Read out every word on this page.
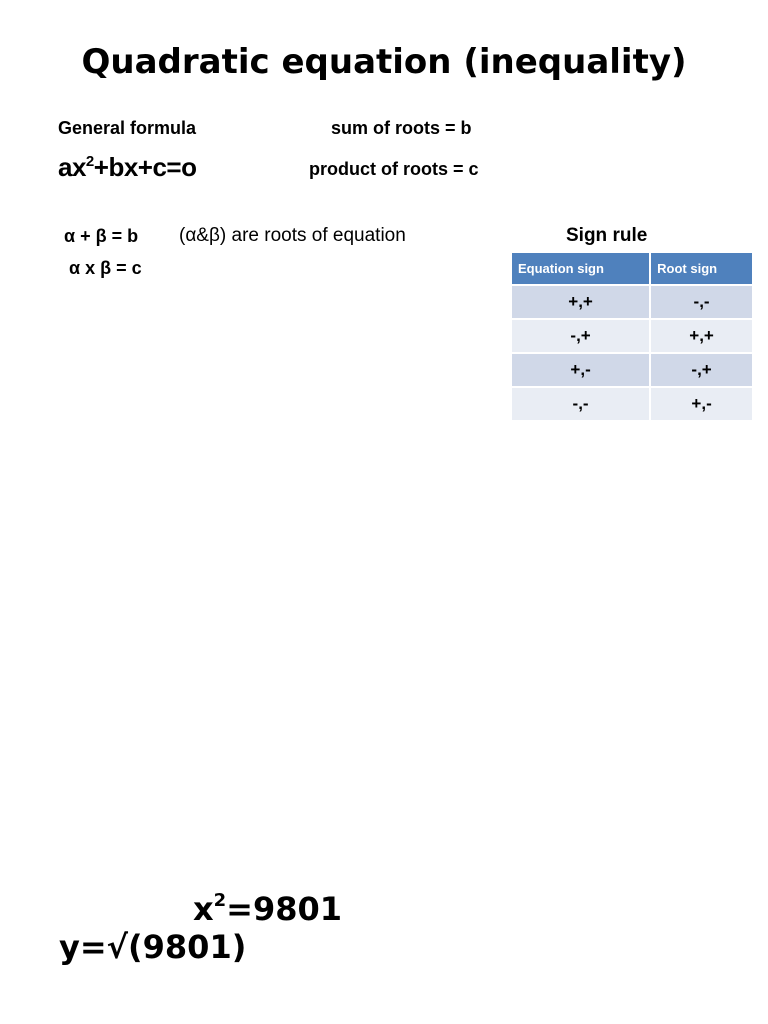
Quadratic equation (inequality)
General formula
$ax^2+bx+c=o$
sum of roots = b
product of roots = c
α + β = b (α&β) are roots of equation
α x β = c
Sign rule
Equation sign	Root sign
+,+	-,-
-,+	+,+
+,-	-,+
-,-	+,-
$x^2=9801$
y=√(9801)
